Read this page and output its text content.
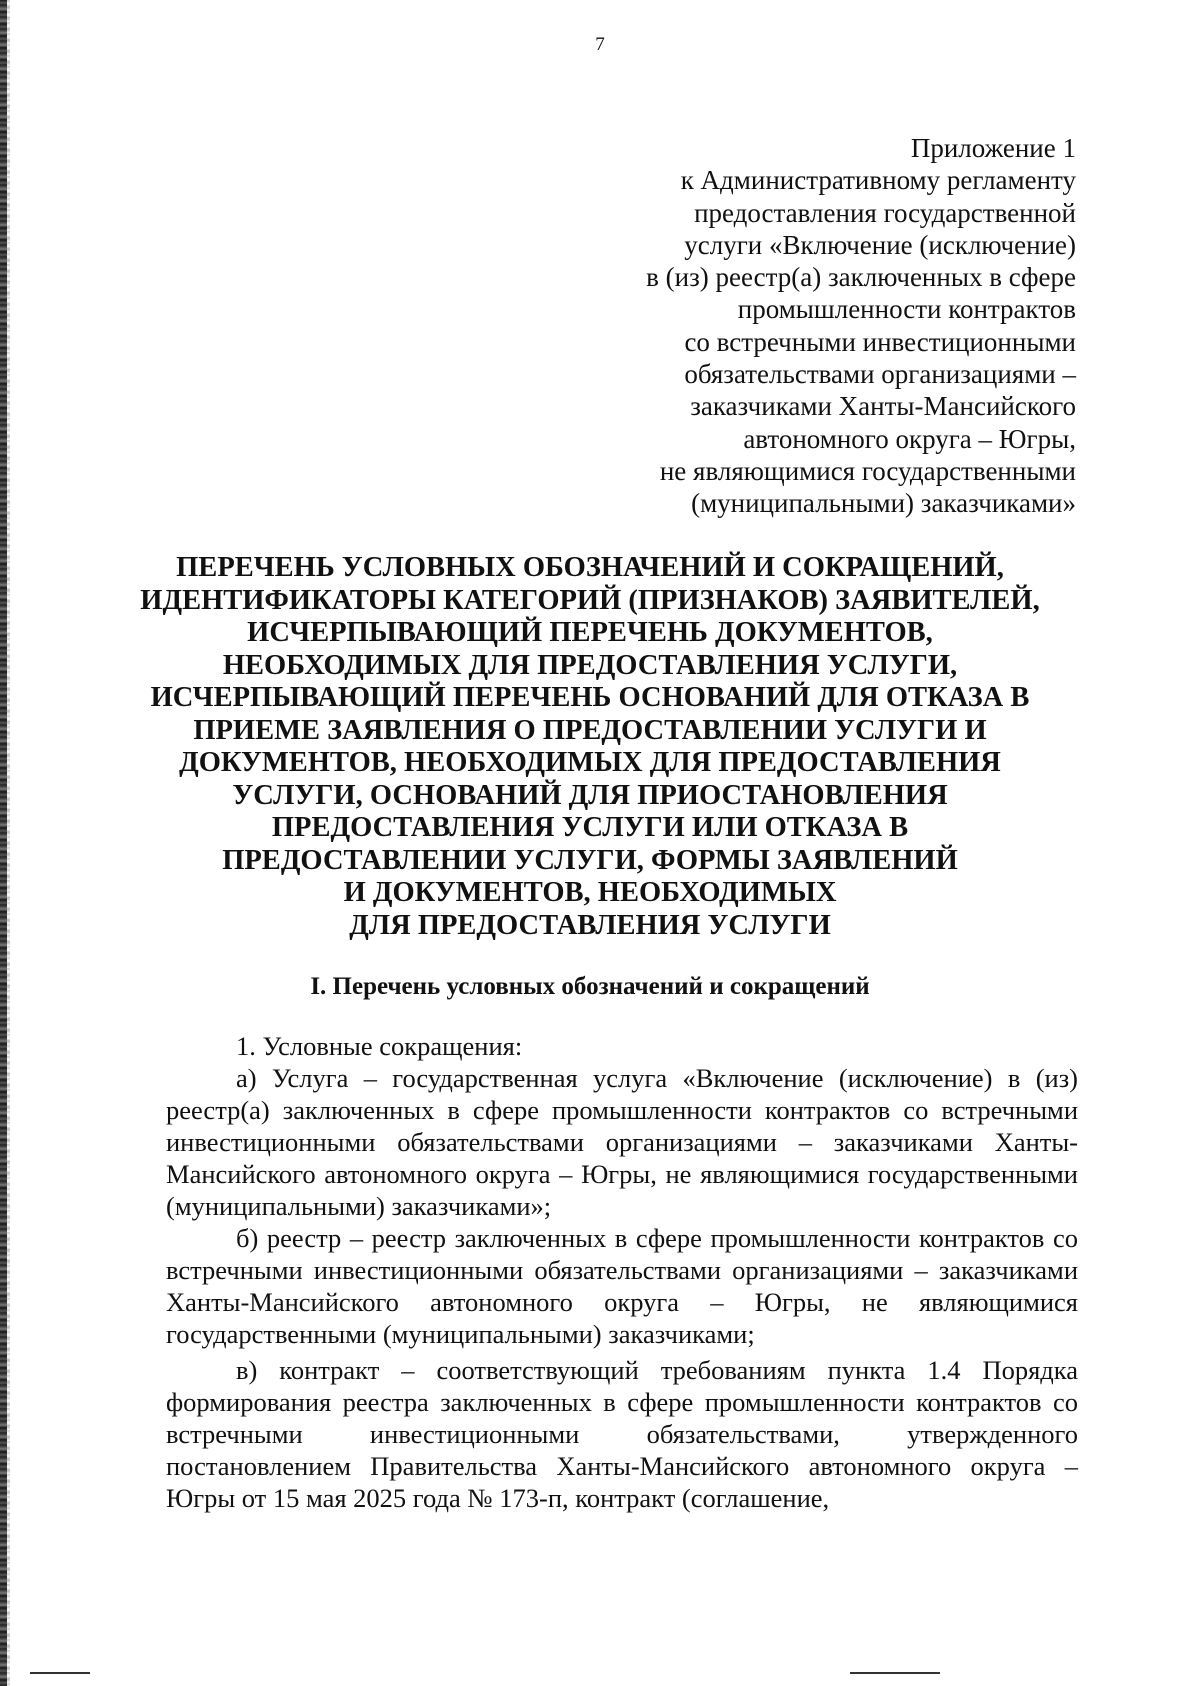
7
Приложение 1
к Административному регламенту
предоставления государственной
услуги «Включение (исключение)
в (из) реестр(а) заключенных в сфере
промышленности контрактов
со встречными инвестиционными
обязательствами организациями –
заказчиками Ханты-Мансийского
автономного округа – Югры,
не являющимися государственными
(муниципальными) заказчиками»
ПЕРЕЧЕНЬ УСЛОВНЫХ ОБОЗНАЧЕНИЙ И СОКРАЩЕНИЙ,
ИДЕНТИФИКАТОРЫ КАТЕГОРИЙ (ПРИЗНАКОВ) ЗАЯВИТЕЛЕЙ,
ИСЧЕРПЫВАЮЩИЙ ПЕРЕЧЕНЬ ДОКУМЕНТОВ,
НЕОБХОДИМЫХ ДЛЯ ПРЕДОСТАВЛЕНИЯ УСЛУГИ,
ИСЧЕРПЫВАЮЩИЙ ПЕРЕЧЕНЬ ОСНОВАНИЙ ДЛЯ ОТКАЗА В
ПРИЕМЕ ЗАЯВЛЕНИЯ О ПРЕДОСТАВЛЕНИИ УСЛУГИ И
ДОКУМЕНТОВ, НЕОБХОДИМЫХ ДЛЯ ПРЕДОСТАВЛЕНИЯ
УСЛУГИ, ОСНОВАНИЙ ДЛЯ ПРИОСТАНОВЛЕНИЯ
ПРЕДОСТАВЛЕНИЯ УСЛУГИ ИЛИ ОТКАЗА В
ПРЕДОСТАВЛЕНИИ УСЛУГИ, ФОРМЫ ЗАЯВЛЕНИЙ
И ДОКУМЕНТОВ, НЕОБХОДИМЫХ
ДЛЯ ПРЕДОСТАВЛЕНИЯ УСЛУГИ
I. Перечень условных обозначений и сокращений

1. Условные сокращения:

а) Услуга – государственная услуга «Включение (исключение) в (из) реестр(а) заключенных в сфере промышленности контрактов со встречными инвестиционными обязательствами организациями – заказчиками Ханты-Мансийского автономного округа – Югры, не являющимися государственными (муниципальными) заказчиками»;

б) реестр – реестр заключенных в сфере промышленности контрактов со встречными инвестиционными обязательствами организациями – заказчиками Ханты-Мансийского автономного округа – Югры, не являющимися государственными (муниципальными) заказчиками;

в) контракт – соответствующий требованиям пункта 1.4 Порядка формирования реестра заключенных в сфере промышленности контрактов со встречными инвестиционными обязательствами, утвержденного постановлением Правительства Ханты-Мансийского автономного округа – Югры от 15 мая 2025 года № 173-п, контракт (соглашение,
